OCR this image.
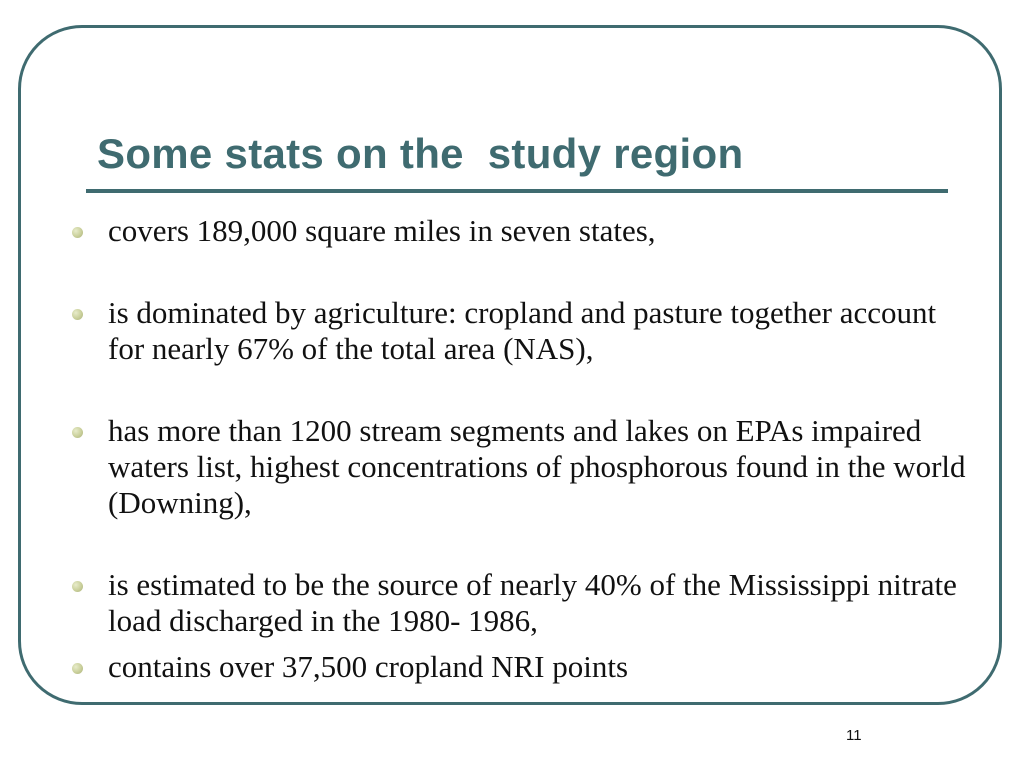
Some stats on the  study region
covers 189,000 square miles in seven states,
is dominated by agriculture: cropland and pasture together account for nearly 67% of the total area (NAS),
has more than 1200 stream segments and lakes on EPAs impaired waters list, highest concentrations of phosphorous found in the world (Downing),
is estimated to be the source of nearly 40% of the Mississippi nitrate load discharged in the 1980- 1986,
contains over 37,500 cropland NRI points
11
